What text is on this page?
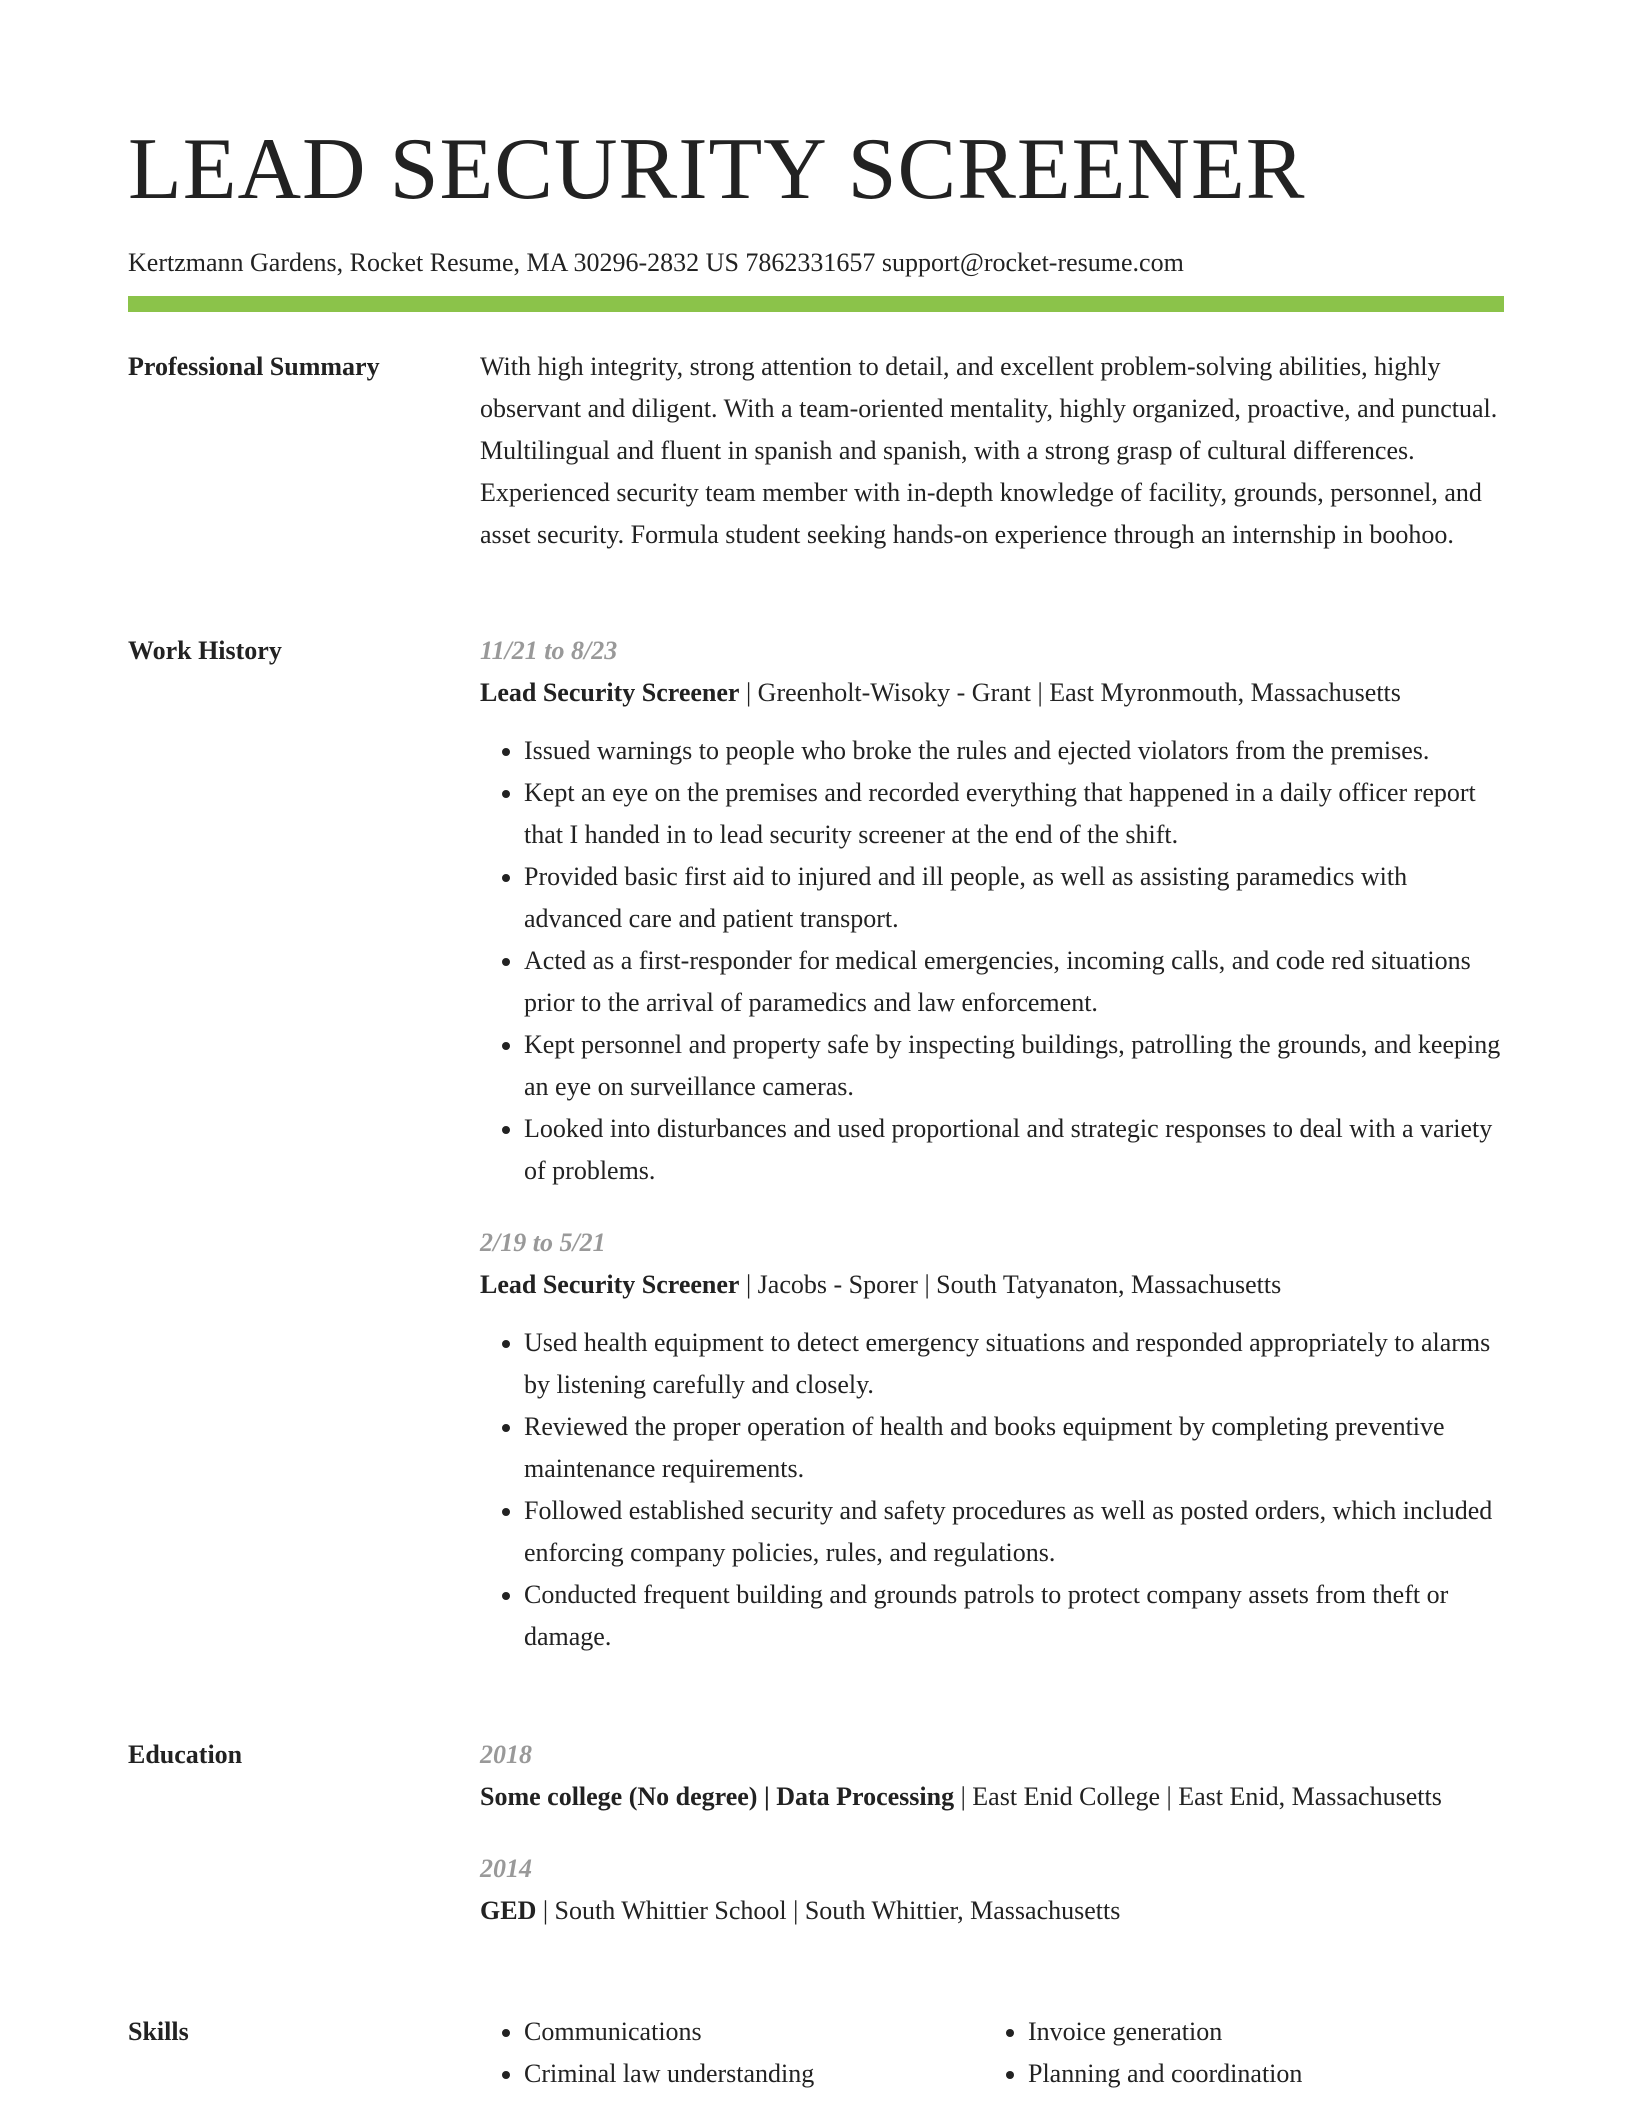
LEAD SECURITY SCREENER
Kertzmann Gardens, Rocket Resume, MA 30296-2832 US 7862331657 support@rocket-resume.com
Professional Summary	With high integrity, strong attention to detail, and excellent problem-solving abilities, highly observant and diligent. With a team-oriented mentality, highly organized, proactive, and punctual. Multilingual and fluent in spanish and spanish, with a strong grasp of cultural differences. Experienced security team member with in-depth knowledge of facility, grounds, personnel, and asset security. Formula student seeking hands-on experience through an internship in boohoo.

Work History	11/21 to 8/23
Lead Security Screener | Greenholt-Wisoky - Grant | East Myronmouth, Massachusetts
• Issued warnings to people who broke the rules and ejected violators from the premises.
• Kept an eye on the premises and recorded everything that happened in a daily officer report that I handed in to lead security screener at the end of the shift.
• Provided basic first aid to injured and ill people, as well as assisting paramedics with advanced care and patient transport.
• Acted as a first-responder for medical emergencies, incoming calls, and code red situations prior to the arrival of paramedics and law enforcement.
• Kept personnel and property safe by inspecting buildings, patrolling the grounds, and keeping an eye on surveillance cameras.
• Looked into disturbances and used proportional and strategic responses to deal with a variety of problems.
2/19 to 5/21
Lead Security Screener | Jacobs - Sporer | South Tatyanaton, Massachusetts
• Used health equipment to detect emergency situations and responded appropriately to alarms by listening carefully and closely.
• Reviewed the proper operation of health and books equipment by completing preventive maintenance requirements.
• Followed established security and safety procedures as well as posted orders, which included enforcing company policies, rules, and regulations.
• Conducted frequent building and grounds patrols to protect company assets from theft or damage.
Education	2018
Some college (No degree) | Data Processing | East Enid College | East Enid, Massachusetts
2014
GED | South Whittier School | South Whittier, Massachusetts
Skills
•	Communications
• Criminal law understanding
• Invoice generation
• Planning and coordination
